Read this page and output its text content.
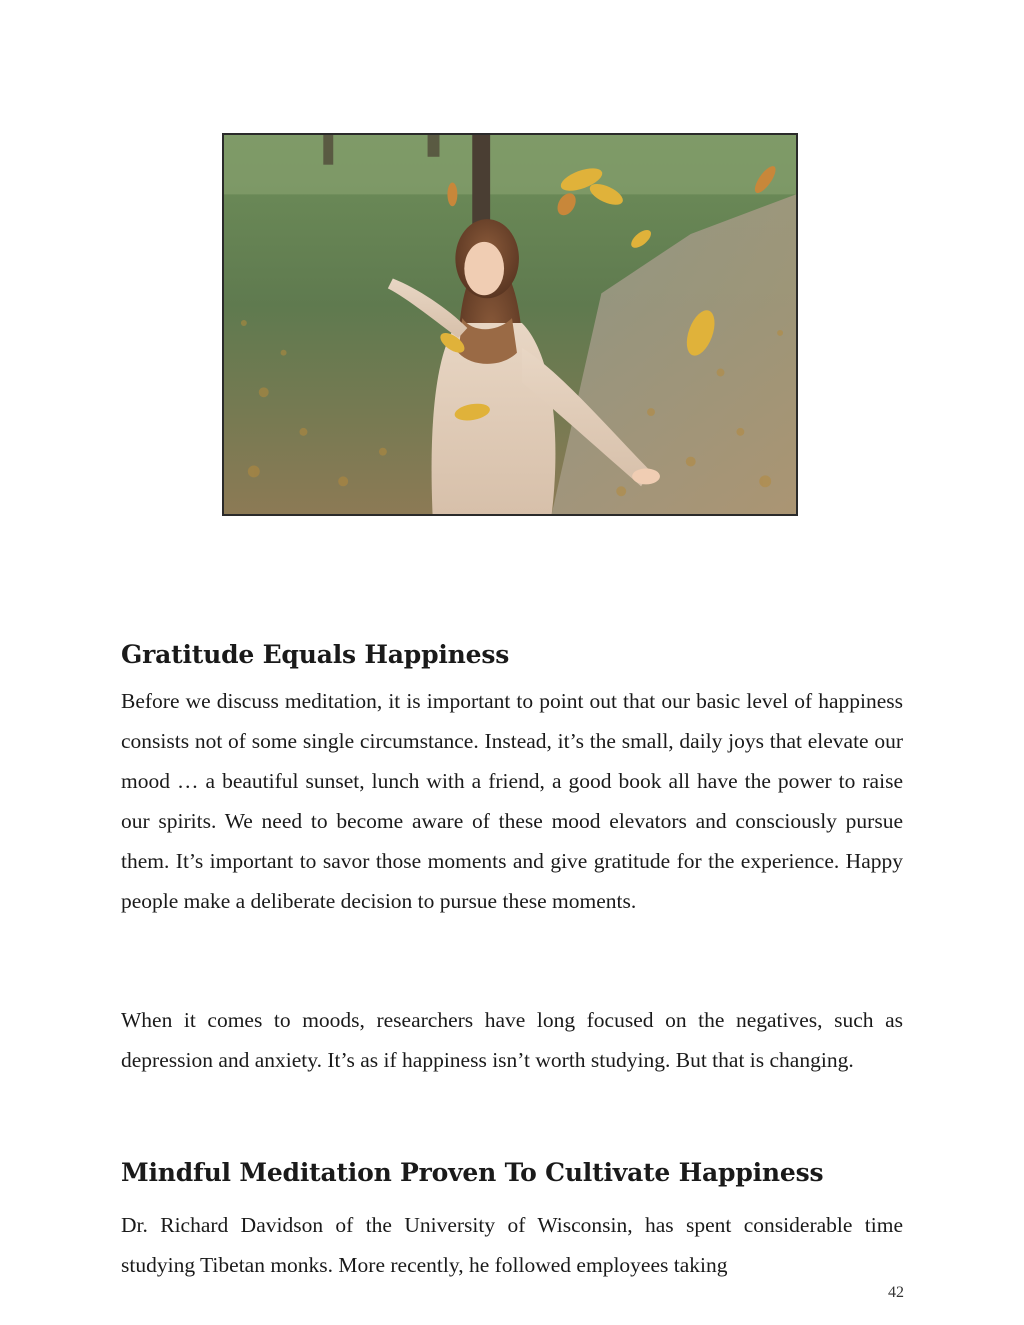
Gratitude Equals Happiness

Before we discuss meditation, it is important to point out that our basic level of happiness consists not of some single circumstance. Instead, it’s the small, daily joys that elevate our mood … a beautiful sunset, lunch with a friend, a good book all have the power to raise our spirits. We need to become aware of these mood elevators and consciously pursue them. It’s important to savor those moments and give gratitude for the experience. Happy people make a deliberate decision to pursue these moments.

When it comes to moods, researchers have long focused on the negatives, such as depression and anxiety. It’s as if happiness isn’t worth studying. But that is changing.

Mindful Meditation Proven To Cultivate Happiness

Dr. Richard Davidson of the University of Wisconsin, has spent considerable time studying Tibetan monks. More recently, he followed employees taking

42
